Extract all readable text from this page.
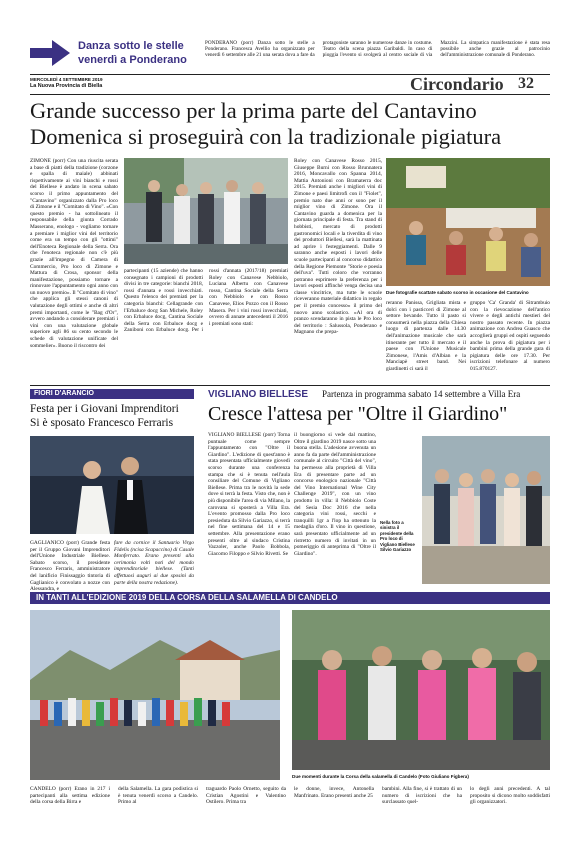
Danza sotto le stelle
venerdì a Ponderano
PONDERANO (porr) Danza sotto le stelle a Ponderano. Francesca Avellio ha organizzato per venerdì 6 settembre alle 21 una serata dova a fare da protagoniste saranno le numerose danze in costume. Teatro della scena piazza Garibaldi. In caso di pioggia l'evento si svolgerà al centro sociale di via Mazzini. La simpatica manifestazione è stata resa possibile anche grazie al patrocinio dell'amministrazione comunale di Ponderano.
MERCOLEDÌ 4 SETTEMBRE 2019
La Nuova Provincia di Biella	Circondario 32
Grande successo per la prima parte del Cantavino
Domenica si proseguirà con la tradizionale pigiatura
ZIMONE (porr) Con una riuscita serata a base di piatti della tradizione (corzone e spalla di maiale) abbinati rispettivamente ai vini bianchi e rossi del Biellese è andato in scena sabato scorso il primo appuntamento del "Cantavino" organizzato dalla Pro loco di Zimone e il "Comitato di Vino". «Con questo premio - ha sottolineato il responsabile della giunta Corrado Masserano, enologo - vogliamo tornare a premiare i miglior vini del territorio come era un tempo con gli "ottimi" dell'Enoteca Regionale della Serra. Ora che l'enoteca regionale non c'è più grazie all'impegno di Camera di Commercio, Pro loco di Zimone e Mattura di Crosa, sponsor della manifestazione, possiamo tornare a rinnovare l'appuntamento ogni anno con un nuovo premio». Il "Comitato di vino" che applica gli stessi canoni di valutazione degli ottimi e anche di altri premi importanti, come le "Bag d'Or", avvero andando a considerare premiati i vini con una valutazione globale superiore agli 86 su cento secondo le schede di valutazione unificate del sommelier». Buono il riscontro dei
partecipanti (15 aziende) che hanno consegnato i campioni di prodotti divisi in tre categorie: bianchi 2018, rossi d'annata e rossi invecchiati. Questo l'elenco dei premiati per la categoria bianchi: Cellagrande con l'Erbaluce docg San Michele, Roley con Erbaluce docg, Cantina Sociale della Serra con Erbaluce docg e Zaniboni con Erbaluce docg. Per i rossi d'annata (2017/18) premiati Roley con Canavese Nebbiolo, Luciana Albertu con Canavese rosso, Cantina Sociale della Serra con Nebbiolo e con Rosso Canavese, Elios Pozzo con il Rosso Masera. Per i vini rossi invecchiati, ovvero di annate antecedenti il 2016 i premiati sono stati:
Roley con Canavese Rosso 2015, Giuseppe Burni con Rosso Brunnatera 2016, Moncavallo con Spanna 2014, Mattia Antonioni con Bramaterra doc 2015. Premiati anche i migliori vini di Zimone e paesi limitrofi con il "Fiolet", premio nato due anni or sono per il miglior vino di Zimone. Ora il Cantavino guarda a domenica per la giornata principale di festa. Tra stand di hobbisti, mercato di prodotti gastronomici locali e la tiverdita di vino dei produttori Biellesi, sarà la mattinata ad aprire i festeggiamenti. Dalle 9 saranno anche esposti i lavori delle scuole partecipanti al concorso didattico della Regione Piemonte "Storie e poesia dell'uva". Tutti coloro che vorranno potranno esprimere la preferenza per i lavori esposti affinché venga decisa una classe vincitrice, ma tutte le scuole riceveranno materiale didattico in regalo per il premio concesso» il primo del nuovo anno scolastico. «Al ora di pranzo scendaranno in pista le Pro loco del territorio : Salussola, Ponderano e Magnano che prepa-
Due fotografie scattate sabato scorso in occasione del Cantavino
reranno Panissa, Grigliata mista e dolci con i pasticceri di Zimone al settore bevande. Tutto il pasto si consumerà nella piazza della Chiesa luogo di partenza dalle 14.30 dell'animazione musicale che sarà itinerante per tutto il mercato e il paese con l'Unione Musicale Zimonese, l'Amis d'Albian e la Manciapè street band. Nei giardinetti ci sarà il
gruppo 'Ca' Granda' di Sitrambuio con la rievocazione dell'antico vivere e degli antichi mestieri del nostro passato recente. In piazza animazione con Andrea Guasco che accoglierà gruppi ed ospiti seguendo anche la prova di pigiatura per i bambini prima della grande gara di pigiatura delle ore 17.30. Per iscrizioni telefonare al numero 015.870127.
FIORI D'ARANCIO
Festa per i Giovani Imprenditori
Si è sposato Francesco Ferraris
GAGLIANICO (porr) Grande festa per il Gruppo Giovani Imprenditori dell'Unione Industriale Biellese. Sabato scorso, il presidente Francesco Ferraris, amministratore del lanificio Finissaggio tintoria di Gaglianico è convolato a nozze con Alessandra, e
fare da cornice il Santuario Virgo Fidelis (ncisa Scapaccino) di Casale Monferrato. Erano presenti alla cerimonia volti noti del mondo imprenditoriale biellese. (Tanti affettuosi auguri ai due sposini da parte della nostra redazione).
VIGLIANO BIELLESE Partenza in programma sabato 14 settembre a Villa Era
Cresce l'attesa per "Oltre il Giardino"
VIGLIANO BIELLESE (porr) Torna puntuale come sempre l'appuntamento con "Oltre il Giardino". L'edizione di quest'anno è stata presentata ufficialmente giovedì scorso durante una conferenza stampa che si è tenuta nell'aula consiliare del Comune di Vigliano Biellese. Prima tra le novità la sede dove si terrà la festa. Visto che, non è più disponibile l'area di via Milano, la carovana si sposterà a Villa Era. L'evento promosso dalla Pro loco presieduta da Silvio Gariazzo, si terrà nel fine settimana del 14 e 15 settembre. Alla presentazione erano presenti oltre al sindaco Cristina Vazzoler, anche Paolo Bobbola, Giacomo Filoppo e Silvio Rivetti. Se
il buongiorno si vede dal mattino, Oltre il giardino 2019 nasce sotto una buona stella. L'adesione avvenuta un anno fa da parte dell'amministrazione comunale al circuito "Città del vino", ha permesso alla proprietà di Villa Era di presentare parte ad un concorso enologico nazionale "Città del Vino International Wine City Challenge 2019", con un vino prodotto in villa: il Nebbiolo Coste del Sesia Doc 2016 che nella categoria vini rossi, secchi e tranquilli 1gr a l'lop ha ottenuto la medaglia d'oro. Il vino in questione, sarà presentato ufficialmente ad un ristretto numero di invitati in un pomeriggio di anteprima di "Oltre il Giardino".
Nella foto a sinistra il presidente della Pro loco di Vigliano Biellese Silvio Gariazzo
IN TANTI ALL'EDIZIONE 2019 DELLA CORSA DELLA SALAMELLA DI CANDELO
Due momenti durante la Corsa della salamella di Candelo (Foto Giuliano Figbera)
CANDELO (porr) Erano in 217 i partecipanti alla settima edizione della corsa della Birra e
della Salamella. La gara podistica si è tenuta venerdì scorso a Candelo. Primo al
traguardo Paolo Ornetto, seguito da Cristian Agostini e Valentino Ostilero. Prima tra
le donne, invece, Antonella Manfrinato. Erano presenti anche 25
bambini. Alla fine, si è trattato di un numero di iscrizioni che ha surclassato quel-
lo degli anni precedenti. A tal proposito si dicono molto soddisfatti gli organizzatori.
